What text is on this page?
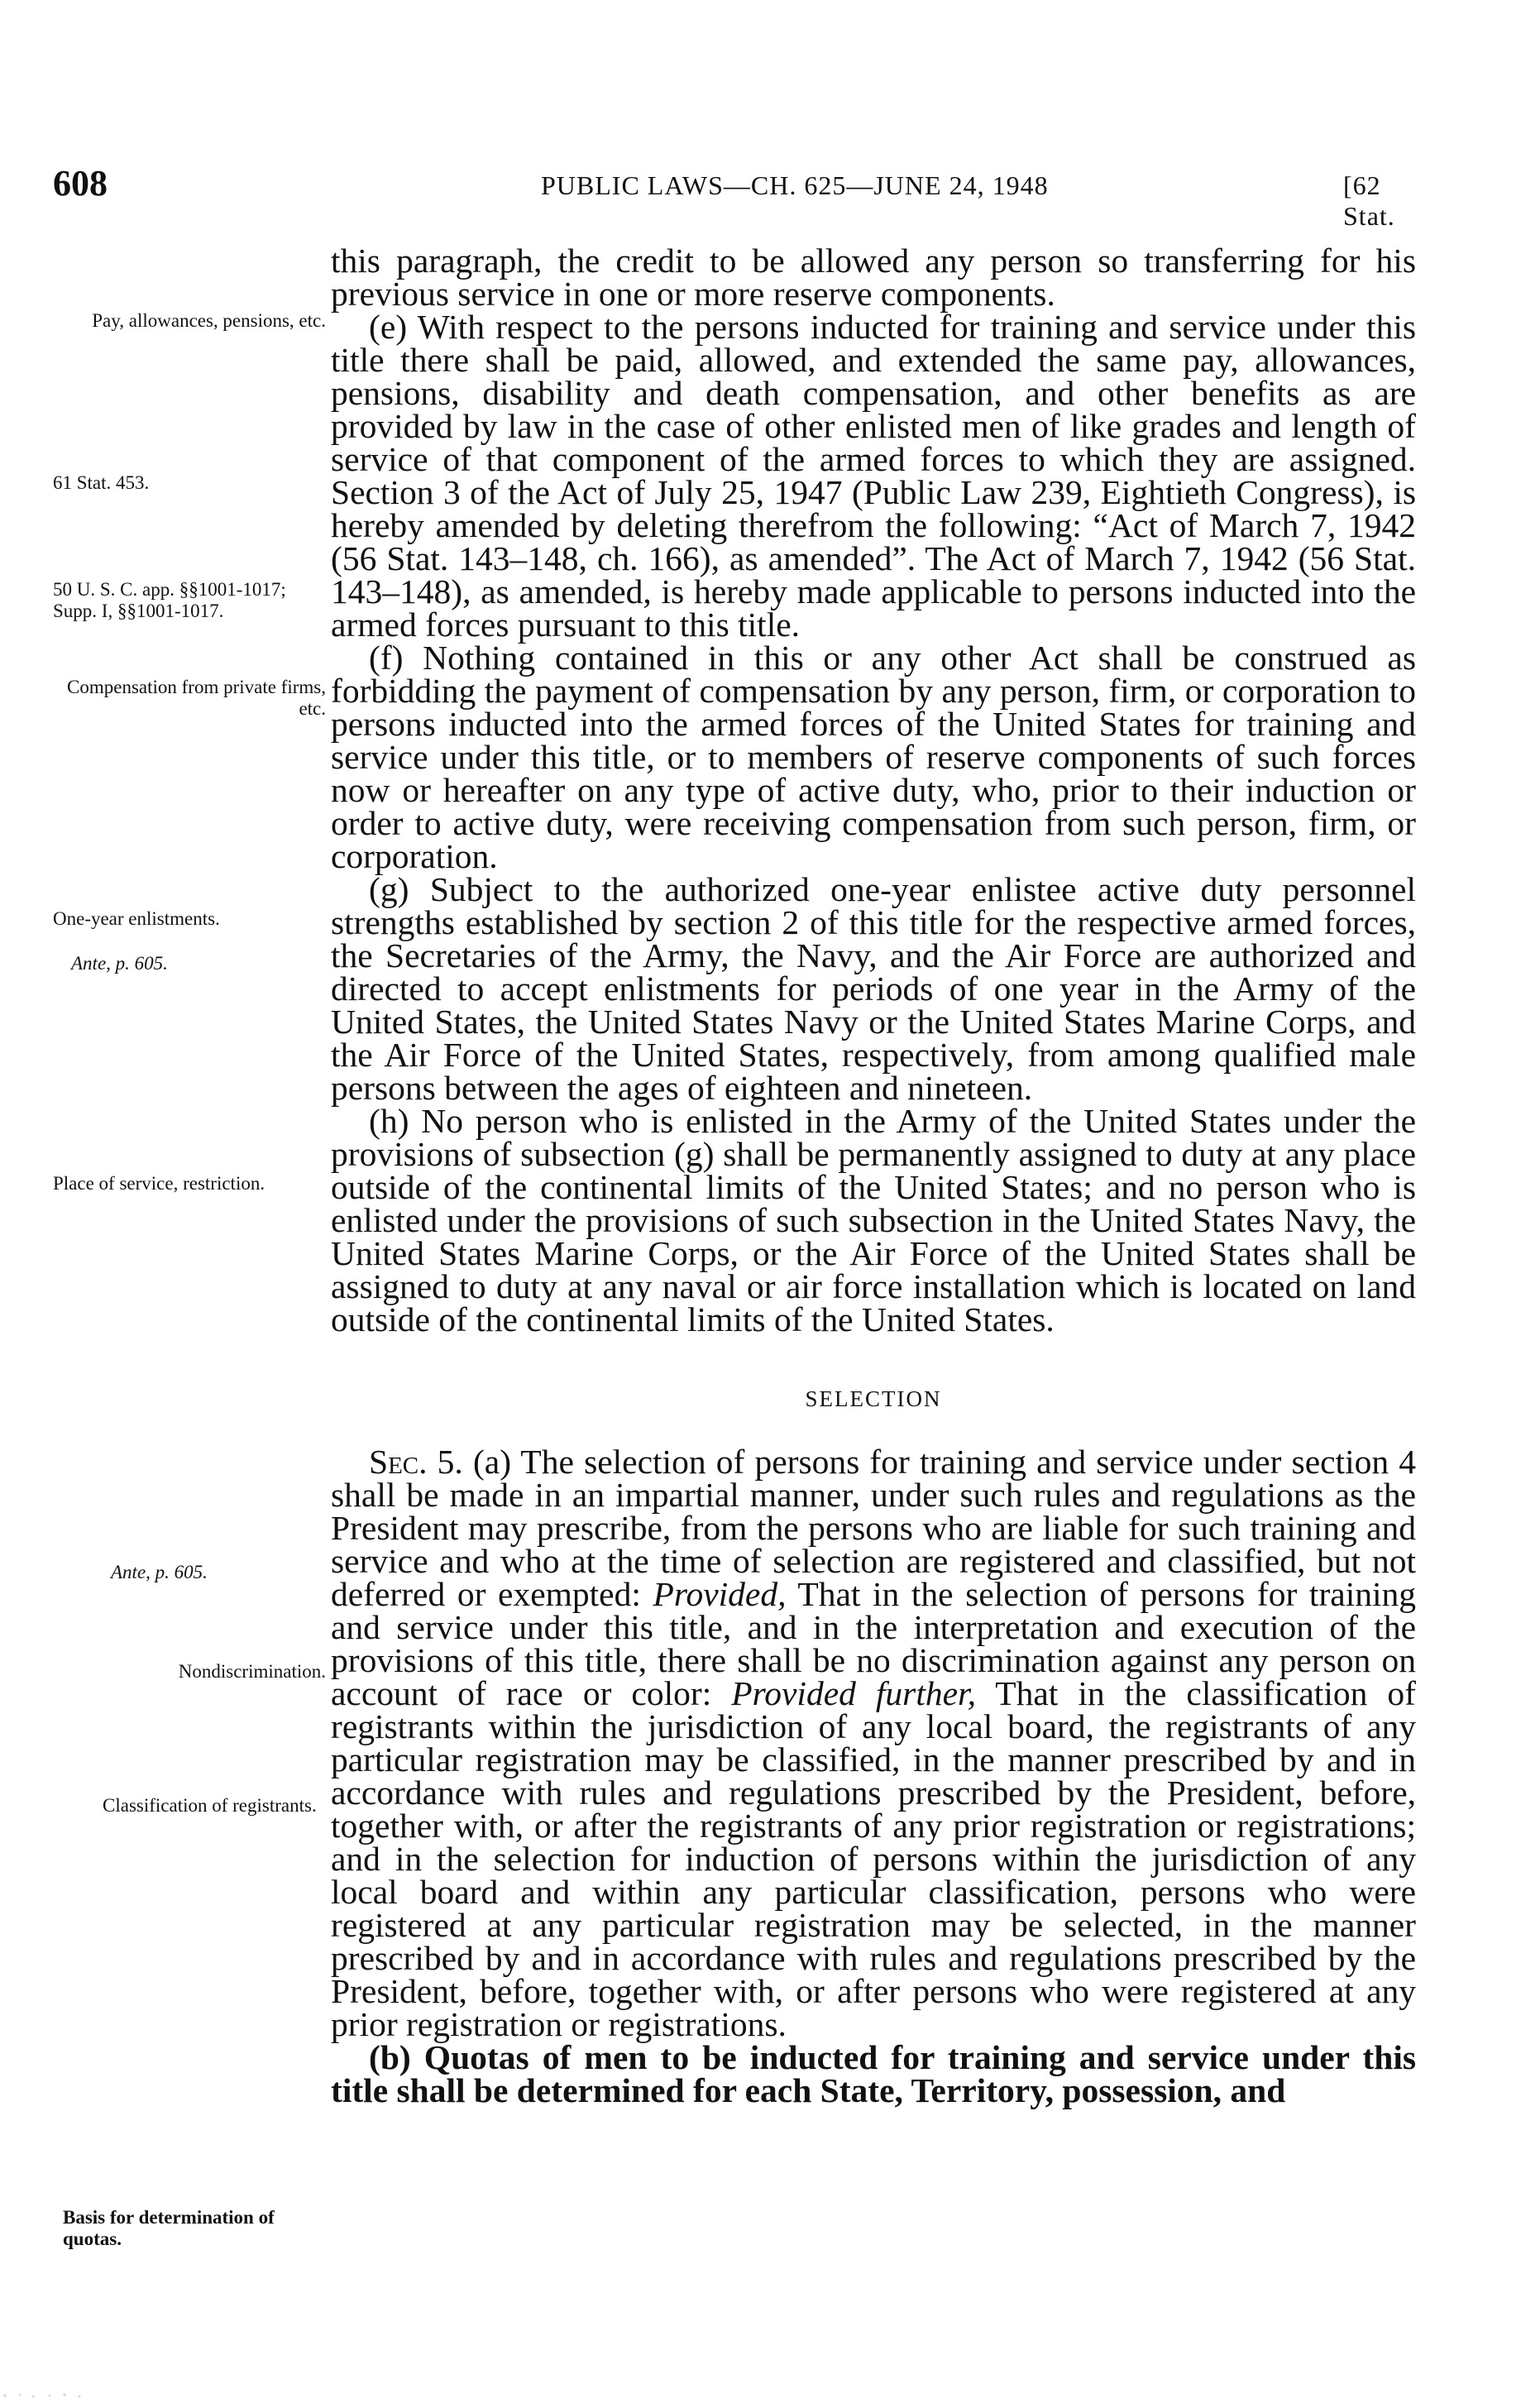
608	PUBLIC LAWS—CH. 625—JUNE 24, 1948	[62 Stat.
Pay, allowances, pensions, etc.
61 Stat. 453.
50 U. S. C. app. §§1001-1017; Supp. I, §§1001-1017.
Compensation from private firms, etc.
One-year enlistments.
Ante, p. 605.
Place of service, restriction.
Ante, p. 605.
Nondiscrimination.
Classification of registrants.
Basis for determination of quotas.

this paragraph, the credit to be allowed any person so transferring for his previous service in one or more reserve components.

(e) With respect to the persons inducted for training and service under this title there shall be paid, allowed, and extended the same pay, allowances, pensions, disability and death compensation, and other benefits as are provided by law in the case of other enlisted men of like grades and length of service of that component of the armed forces to which they are assigned. Section 3 of the Act of July 25, 1947 (Public Law 239, Eightieth Congress), is hereby amended by deleting therefrom the following: “Act of March 7, 1942 (56 Stat. 143–148, ch. 166), as amended”. The Act of March 7, 1942 (56 Stat. 143–148), as amended, is hereby made applicable to persons inducted into the armed forces pursuant to this title.

(f) Nothing contained in this or any other Act shall be construed as forbidding the payment of compensation by any person, firm, or corporation to persons inducted into the armed forces of the United States for training and service under this title, or to members of reserve components of such forces now or hereafter on any type of active duty, who, prior to their induction or order to active duty, were receiving compensation from such person, firm, or corporation.

(g) Subject to the authorized one-year enlistee active duty personnel strengths established by section 2 of this title for the respective armed forces, the Secretaries of the Army, the Navy, and the Air Force are authorized and directed to accept enlistments for periods of one year in the Army of the United States, the United States Navy or the United States Marine Corps, and the Air Force of the United States, respectively, from among qualified male persons between the ages of eighteen and nineteen.

(h) No person who is enlisted in the Army of the United States under the provisions of subsection (g) shall be permanently assigned to duty at any place outside of the continental limits of the United States; and no person who is enlisted under the provisions of such subsection in the United States Navy, the United States Marine Corps, or the Air Force of the United States shall be assigned to duty at any naval or air force installation which is located on land outside of the continental limits of the United States.

SELECTION

Sec. 5. (a) The selection of persons for training and service under section 4 shall be made in an impartial manner, under such rules and regulations as the President may prescribe, from the persons who are liable for such training and service and who at the time of selection are registered and classified, but not deferred or exempted: Provided, That in the selection of persons for training and service under this title, and in the interpretation and execution of the provisions of this title, there shall be no discrimination against any person on account of race or color: Provided further, That in the classification of registrants within the jurisdiction of any local board, the registrants of any particular registration may be classified, in the manner prescribed by and in accordance with rules and regulations prescribed by the President, before, together with, or after the registrants of any prior registration or registrations; and in the selection for induction of persons within the jurisdiction of any local board and within any particular classification, persons who were registered at any particular registration may be selected, in the manner prescribed by and in accordance with rules and regulations prescribed by the President, before, together with, or after persons who were registered at any prior registration or registrations.

(b) Quotas of men to be inducted for training and service under this title shall be determined for each State, Territory, possession, and
